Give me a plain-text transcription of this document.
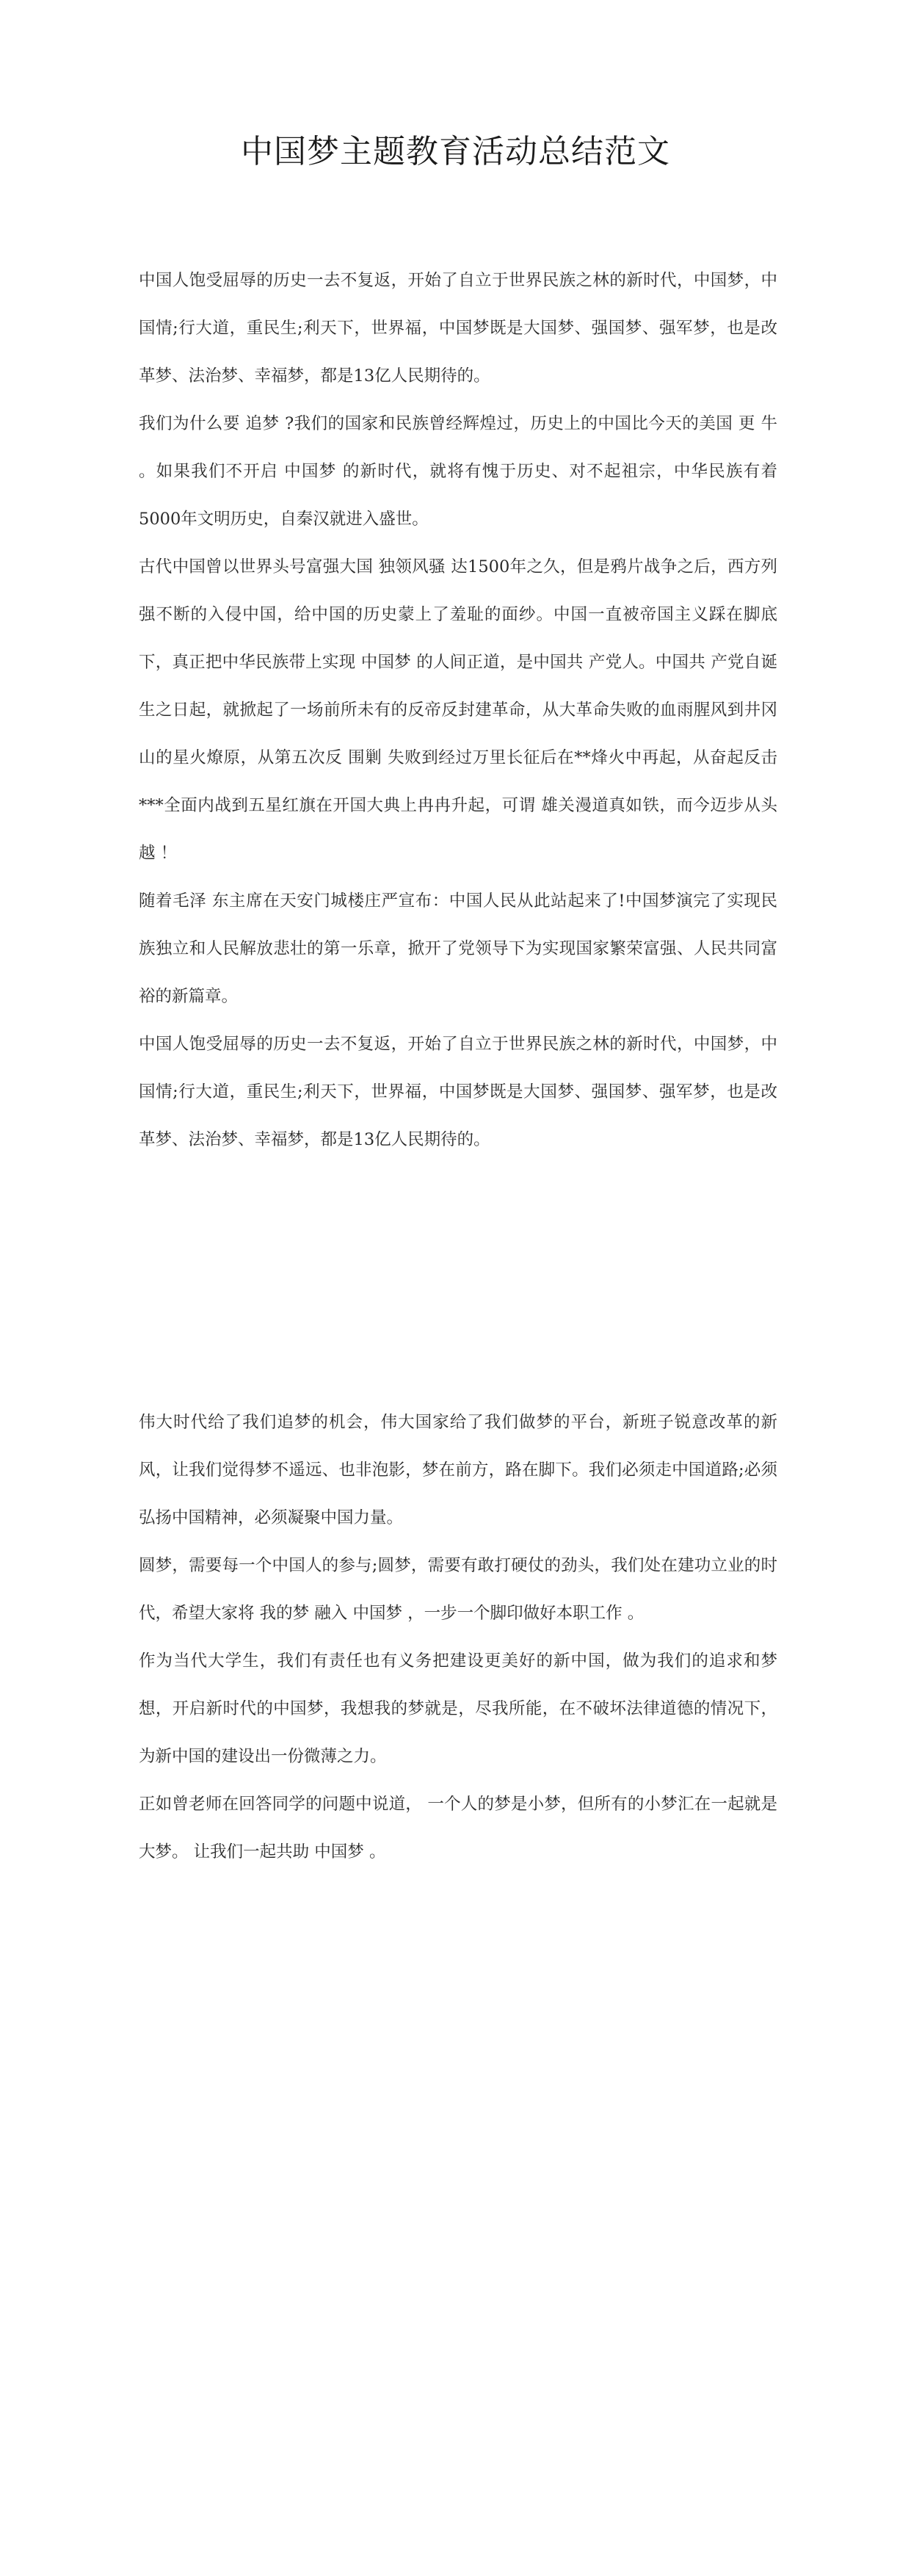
中国梦主题教育活动总结范文

中国人饱受屈辱的历史一去不复返，开始了自立于世界民族之林的新时代，中国梦，中国情;行大道，重民生;利天下，世界福，中国梦既是大国梦、强国梦、强军梦，也是改革梦、法治梦、幸福梦，都是13亿人民期待的。

我们为什么要 追梦 ?我们的国家和民族曾经辉煌过，历史上的中国比今天的美国 更 牛 。如果我们不开启 中国梦 的新时代，就将有愧于历史、对不起祖宗，中华民族有着5000年文明历史，自秦汉就进入盛世。

古代中国曾以世界头号富强大国 独领风骚 达1500年之久，但是鸦片战争之后，西方列强不断的入侵中国，给中国的历史蒙上了羞耻的面纱。中国一直被帝国主义踩在脚底下，真正把中华民族带上实现 中国梦 的人间正道，是中国共 产党人。中国共 产党自诞生之日起，就掀起了一场前所未有的反帝反封建革命，从大革命失败的血雨腥风到井冈山的星火燎原，从第五次反 围剿 失败到经过万里长征后在**烽火中再起，从奋起反击***全面内战到五星红旗在开国大典上冉冉升起，可谓 雄关漫道真如铁，而今迈步从头越 ！

随着毛泽 东主席在天安门城楼庄严宣布：中国人民从此站起来了!中国梦演完了实现民族独立和人民解放悲壮的第一乐章，掀开了党领导下为实现国家繁荣富强、人民共同富裕的新篇章。

中国人饱受屈辱的历史一去不复返，开始了自立于世界民族之林的新时代，中国梦，中国情;行大道，重民生;利天下，世界福，中国梦既是大国梦、强国梦、强军梦，也是改革梦、法治梦、幸福梦，都是13亿人民期待的。

伟大时代给了我们追梦的机会，伟大国家给了我们做梦的平台，新班子锐意改革的新风，让我们觉得梦不遥远、也非泡影，梦在前方，路在脚下。我们必须走中国道路;必须弘扬中国精神，必须凝聚中国力量。

圆梦，需要每一个中国人的参与;圆梦，需要有敢打硬仗的劲头，我们处在建功立业的时代，希望大家将 我的梦 融入 中国梦 ，一步一个脚印做好本职工作 。

作为当代大学生，我们有责任也有义务把建设更美好的新中国，做为我们的追求和梦想，开启新时代的中国梦，我想我的梦就是，尽我所能，在不破坏法律道德的情况下，为新中国的建设出一份微薄之力。

正如曾老师在回答同学的问题中说道， 一个人的梦是小梦，但所有的小梦汇在一起就是大梦。 让我们一起共助 中国梦 。
